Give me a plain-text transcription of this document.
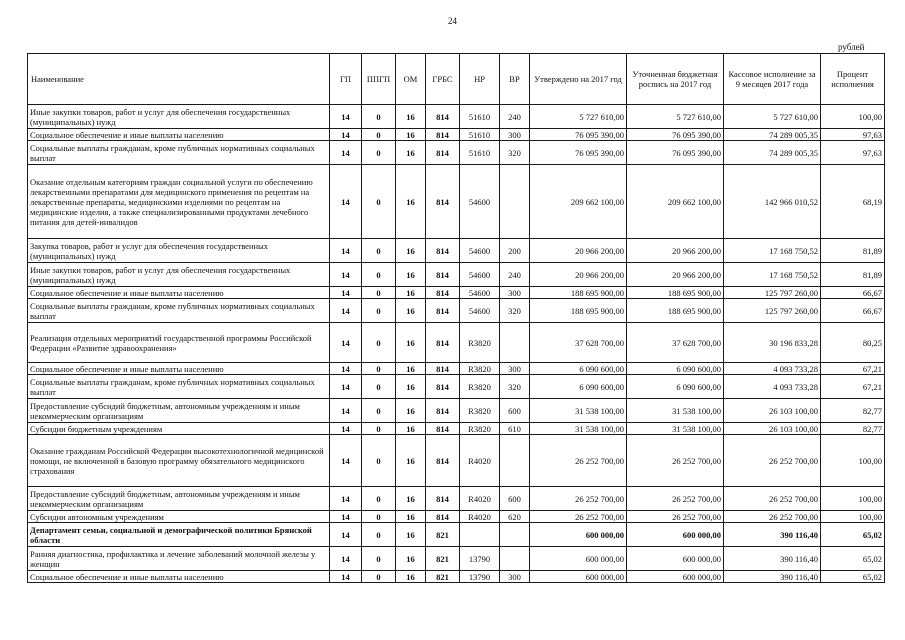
24
рублей
Наименование	ГП	ППГП	ОМ	ГРБС	НР	ВР	Утверждено на 2017 год	Уточненная бюджетная роспись на 2017 год	Кассовое исполнение за 9 месяцев 2017 года	Процент исполнения
Иные закупки товаров, работ и услуг для обеспечения государственных (муниципальных) нужд	14	0	16	814	51610	240	5 727 610,00	5 727 610,00	5 727 610,00	100,00
Социальное обеспечение и иные выплаты населению	14	0	16	814	51610	300	76 095 390,00	76 095 390,00	74 289 005,35	97,63
Социальные выплаты гражданам, кроме публичных нормативных социальных выплат	14	0	16	814	51610	320	76 095 390,00	76 095 390,00	74 289 005,35	97,63
Оказание отдельным категориям граждан социальной услуги по обеспечению лекарственными препаратами для медицинского применения по рецептам на лекарственные препараты, медицинскими изделиями по рецептам на медицинские изделия, а также специализированными продуктами лечебного питания для детей-инвалидов	14	0	16	814	54600		209 662 100,00	209 662 100,00	142 966 010,52	68,19
Закупка товаров, работ и услуг для обеспечения государственных (муниципальных) нужд	14	0	16	814	54600	200	20 966 200,00	20 966 200,00	17 168 750,52	81,89
Иные закупки товаров, работ и услуг для обеспечения государственных (муниципальных) нужд	14	0	16	814	54600	240	20 966 200,00	20 966 200,00	17 168 750,52	81,89
Социальное обеспечение и иные выплаты населению	14	0	16	814	54600	300	188 695 900,00	188 695 900,00	125 797 260,00	66,67
Социальные выплаты гражданам, кроме публичных нормативных социальных выплат	14	0	16	814	54600	320	188 695 900,00	188 695 900,00	125 797 260,00	66,67
Реализация отдельных мероприятий государственной программы Российской Федерации «Развитие здравоохранения»	14	0	16	814	R3820		37 628 700,00	37 628 700,00	30 196 833,28	80,25
Социальное обеспечение и иные выплаты населению	14	0	16	814	R3820	300	6 090 600,00	6 090 600,00	4 093 733,28	67,21
Социальные выплаты гражданам, кроме публичных нормативных социальных выплат	14	0	16	814	R3820	320	6 090 600,00	6 090 600,00	4 093 733,28	67,21
Предоставление субсидий бюджетным, автономным учреждениям и иным некоммерческим организациям	14	0	16	814	R3820	600	31 538 100,00	31 538 100,00	26 103 100,00	82,77
Субсидии бюджетным учреждениям	14	0	16	814	R3820	610	31 538 100,00	31 538 100,00	26 103 100,00	82,77
Оказание гражданам Российской Федерации высокотехнологичной медицинской помощи, не включенной в базовую программу обязательного медицинского страхования	14	0	16	814	R4020		26 252 700,00	26 252 700,00	26 252 700,00	100,00
Предоставление субсидий бюджетным, автономным учреждениям и иным некоммерческим организациям	14	0	16	814	R4020	600	26 252 700,00	26 252 700,00	26 252 700,00	100,00
Субсидии автономным учреждениям	14	0	16	814	R4020	620	26 252 700,00	26 252 700,00	26 252 700,00	100,00
Департамент семьи, социальной и демографической политики Брянской области	14	0	16	821			600 000,00	600 000,00	390 116,40	65,02
Ранняя диагностика, профилактика и лечение заболеваний молочной железы у женщин	14	0	16	821	13790		600 000,00	600 000,00	390 116,40	65,02
Социальное обеспечение и иные выплаты населению	14	0	16	821	13790	300	600 000,00	600 000,00	390 116,40	65,02
